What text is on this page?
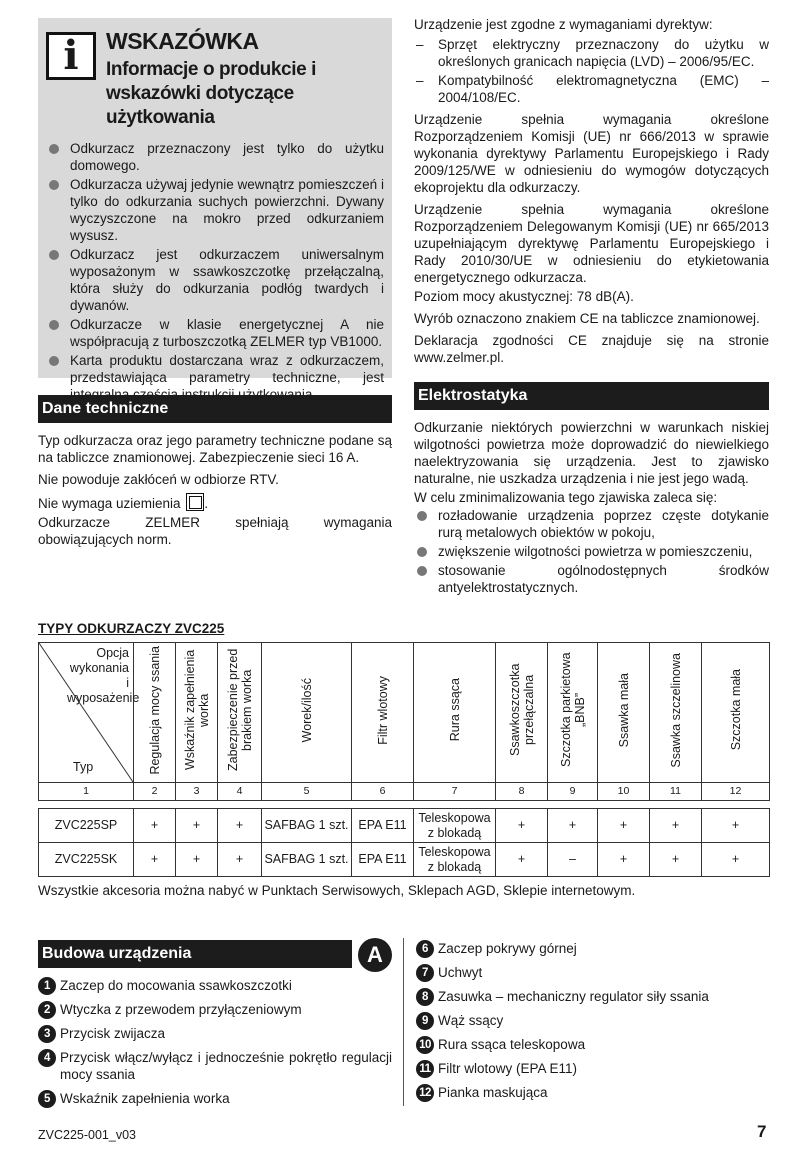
i	WSKAZÓWKA
Informacje o produkcie i wskazówki dotyczące użytkowania
Odkurzacz przeznaczony jest tylko do użytku domowego.
Odkurzacza używaj jedynie wewnątrz pomieszczeń i tylko do odkurzania suchych powierzchni. Dywany wyczyszczone na mokro przed odkurzaniem wysusz.
Odkurzacz jest odkurzaczem uniwersalnym wyposażonym w ssawkoszczotkę przełączalną, która służy do odkurzania podłóg twardych i dywanów.
Odkurzacze w klasie energetycznej A nie współpracują z turboszczotką ZELMER typ VB1000.
Karta produktu dostarczana wraz z odkurzaczem, przedstawiająca parametry techniczne, jest integralną częścią instrukcji użytkowania.
Dane techniczne

Typ odkurzacza oraz jego parametry techniczne podane są na tabliczce znamionowej. Zabezpieczenie sieci 16 A.

Nie powoduje zakłóceń w odbiorze RTV.

Nie wymaga uziemienia .

Odkurzacze ZELMER spełniają wymagania obowiązujących norm.

Urządzenie jest zgodne z wymaganiami dyrektyw:

– Sprzęt elektryczny przeznaczony do użytku w określonych granicach napięcia (LVD) – 2006/95/EC.
– Kompatybilność elektromagnetyczna (EMC) – 2004/108/EC.

Urządzenie spełnia wymagania określone Rozporządzeniem Komisji (UE) nr 666/2013 w sprawie wykonania dyrektywy Parlamentu Europejskiego i Rady 2009/125/WE w odniesieniu do wymogów dotyczących ekoprojektu dla odkurzaczy.

Urządzenie spełnia wymagania określone Rozporządzeniem Delegowanym Komisji (UE) nr 665/2013 uzupełniającym dyrektywę Parlamentu Europejskiego i Rady 2010/30/UE w odniesieniu do etykietowania energetycznego odkurzacza.

Poziom mocy akustycznej: 78 dB(A).

Wyrób oznaczono znakiem CE na tabliczce znamionowej.

Deklaracja zgodności CE znajduje się na stronie www.zelmer.pl.

Elektrostatyka

Odkurzanie niektórych powierzchni w warunkach niskiej wilgotności powietrza może doprowadzić do niewielkiego naelektryzowania się urządzenia. Jest to zjawisko naturalne, nie uszkadza urządzenia i nie jest jego wadą.

W celu zminimalizowania tego zjawiska zaleca się:

rozładowanie urządzenia poprzez częste dotykanie rurą metalowych obiektów w pokoju,
zwiększenie wilgotności powietrza w pomieszczeniu,
stosowanie ogólnodostępnych środków antyelektrostatycznych.
TYPY ODKURZACZY ZVC225
Opcja wykonania i wyposażenie
Typ	Regulacja mocy ssania	Wskaźnik zapełnienia worka	Zabezpieczenie przed brakiem worka	Worek/ilość	Filtr wlotowy	Rura ssąca	Ssawkoszczotka przełączalna	Szczotka parkietowa „BNB”	Ssawka mała	Ssawka szczelinowa	Szczotka mała
1	2	3	4	5	6	7	8	9	10	11	12

ZVC225SP	+	+	+	SAFBAG 1 szt.	EPA E11	Teleskopowa z blokadą	+	+	+	+	+
ZVC225SK	+	+	+	SAFBAG 1 szt.	EPA E11	Teleskopowa z blokadą	+	–	+	+	+
Wszystkie akcesoria można nabyć w Punktach Serwisowych, Sklepach AGD, Sklepie internetowym.
Budowa urządzenia
1 Zaczep do mocowania ssawkoszczotki
2 Wtyczka z przewodem przyłączeniowym
3 Przycisk zwijacza
4 Przycisk włącz/wyłącz i jednocześnie pokrętło regulacji mocy ssania
5 Wskaźnik zapełnienia worka
A	6 Zaczep pokrywy górnej
7 Uchwyt
8 Zasuwka – mechaniczny regulator siły ssania
9 Wąż ssący
10 Rura ssąca teleskopowa
11 Filtr wlotowy (EPA E11)
12 Pianka maskująca
ZVC225-001_v03	7
